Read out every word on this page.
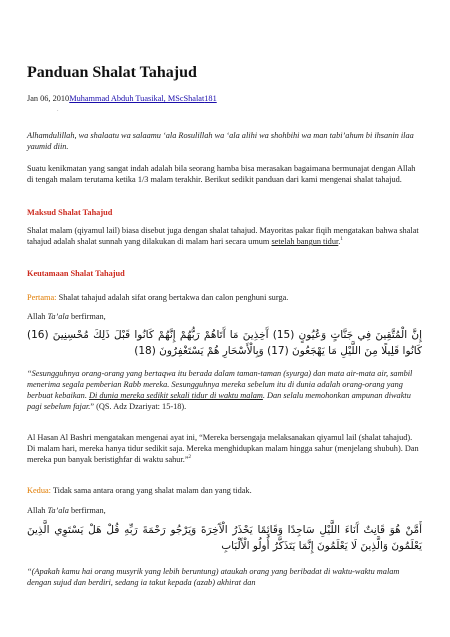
Panduan Shalat Tahajud
Jan 06, 2010Muhammad Abduh Tuasikal, MScShalat181
.
Alhamdulillah, wa shalaatu wa salaamu ‘ala Rosulillah wa ‘ala alihi wa shohbihi wa man tabi’ahum bi ihsanin ilaa yaumid diin.
Suatu kenikmatan yang sangat indah adalah bila seorang hamba bisa merasakan bagaimana bermunajat dengan Allah di tengah malam terutama ketika 1/3 malam terakhir. Berikut sedikit panduan dari kami mengenai shalat tahajud.
Maksud Shalat Tahajud
Shalat malam (qiyamul lail) biasa disebut juga dengan shalat tahajud. Mayoritas pakar fiqih mengatakan bahwa shalat tahajud adalah shalat sunnah yang dilakukan di malam hari secara umum setelah bangun tidur.$^1$
Keutamaan Shalat Tahajud
Pertama: Shalat tahajud adalah sifat orang bertakwa dan calon penghuni surga.
Allah Ta’ala berfirman,
إِنَّ الْمُتَّقِينَ فِي جَنَّاتٍ وَعُيُونٍ (15) آَخِذِينَ مَا آَتَاهُمْ رَبُّهُمْ إِنَّهُمْ كَانُوا قَبْلَ ذَلِكَ مُحْسِنِينَ (16) كَانُوا قَلِيلًا مِنَ اللَّيْلِ مَا يَهْجَعُونَ (17) وَبِالْأَسْحَارِ هُمْ يَسْتَغْفِرُونَ (18)
“Sesungguhnya orang-orang yang bertaqwa itu berada dalam taman-taman (syurga) dan mata air-mata air, sambil menerima segala pemberian Rabb mereka. Sesungguhnya mereka sebelum itu di dunia adalah orang-orang yang berbuat kebaikan. Di dunia mereka sedikit sekali tidur di waktu malam. Dan selalu memohonkan ampunan diwaktu pagi sebelum fajar.” (QS. Adz Dzariyat: 15-18).
Al Hasan Al Bashri mengatakan mengenai ayat ini, “Mereka bersengaja melaksanakan qiyamul lail (shalat tahajud). Di malam hari, mereka hanya tidur sedikit saja. Mereka menghidupkan malam hingga sahur (menjelang shubuh). Dan mereka pun banyak beristighfar di waktu sahur.”$^2$
Kedua: Tidak sama antara orang yang shalat malam dan yang tidak.
Allah Ta’ala berfirman,
أَمَّنْ هُوَ قَانِتٌ آَنَاءَ اللَّيْلِ سَاجِدًا وَقَائِمًا يَحْذَرُ الْآَخِرَةَ وَيَرْجُو رَحْمَةَ رَبِّهِ قُلْ هَلْ يَسْتَوِي الَّذِينَ يَعْلَمُونَ وَالَّذِينَ لَا يَعْلَمُونَ إِنَّمَا يَتَذَكَّرُ أُولُو الْأَلْبَابِ
“(Apakah kamu hai orang musyrik yang lebih beruntung) ataukah orang yang beribadat di waktu-waktu malam dengan sujud dan berdiri, sedang ia takut kepada (azab) akhirat dan
